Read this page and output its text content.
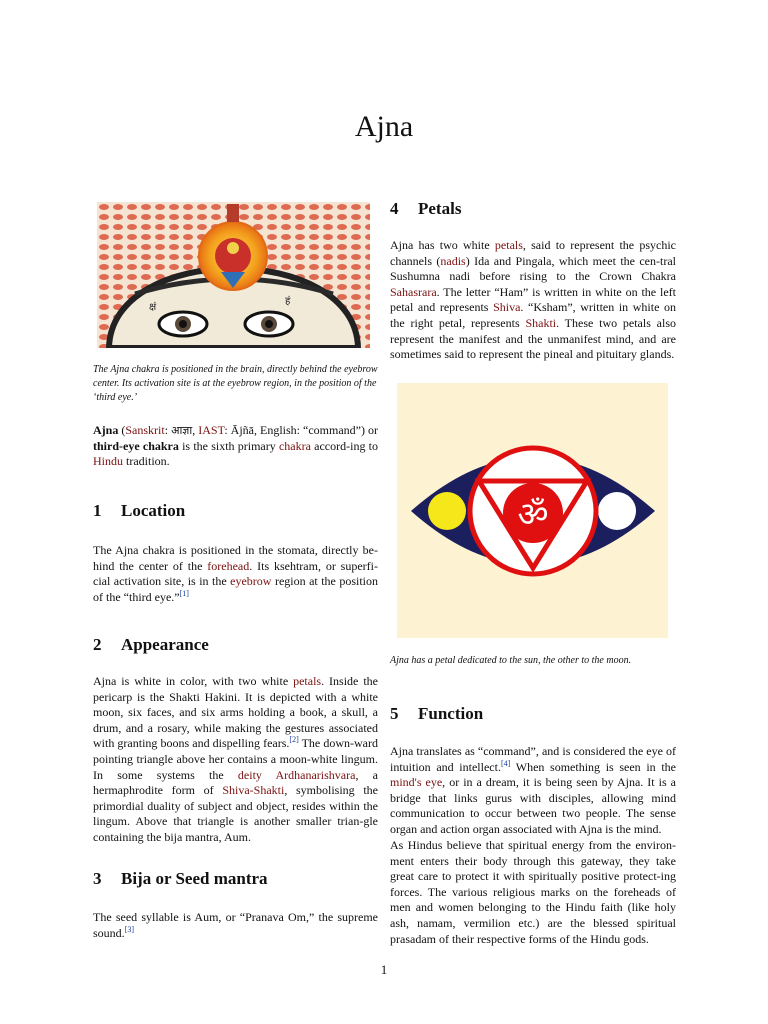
Ajna
क्षं
हं

The Ajna chakra is positioned in the brain, directly behind the eyebrow center. Its activation site is at the eyebrow region, in the position of the ‘third eye.’

Ajna (Sanskrit: आज्ञा, IAST: Ājñā, English: “command”) or third-eye chakra is the sixth primary chakra accord-ing to Hindu tradition.

1 Location

The Ajna chakra is positioned in the stomata, directly be-hind the center of the forehead. Its ksehtram, or superfi-cial activation site, is in the eyebrow region at the position of the “third eye.”[1]

2 Appearance

Ajna is white in color, with two white petals. Inside the pericarp is the Shakti Hakini. It is depicted with a white moon, six faces, and six arms holding a book, a skull, a drum, and a rosary, while making the gestures associated with granting boons and dispelling fears.[2] The down-ward pointing triangle above her contains a moon-white lingum. In some systems the deity Ardhanarishvara, a hermaphrodite form of Shiva-Shakti, symbolising the primordial duality of subject and object, resides within the lingum. Above that triangle is another smaller trian-gle containing the bija mantra, Aum.

3 Bija or Seed mantra

The seed syllable is Aum, or “Pranava Om,” the supreme sound.[3]

4 Petals

Ajna has two white petals, said to represent the psychic channels (nadis) Ida and Pingala, which meet the cen-tral Sushumna nadi before rising to the Crown Chakra Sahasrara. The letter “Ham” is written in white on the left petal and represents Shiva. “Ksham”, written in white on the right petal, represents Shakti. These two petals also represent the manifest and the unmanifest mind, and are sometimes said to represent the pineal and pituitary glands.

ॐ

Ajna has a petal dedicated to the sun, the other to the moon.

5 Function

Ajna translates as “command”, and is considered the eye of intuition and intellect.[4] When something is seen in the mind's eye, or in a dream, it is being seen by Ajna. It is a bridge that links gurus with disciples, allowing mind communication to occur between two people. The sense organ and action organ associated with Ajna is the mind.

As Hindus believe that spiritual energy from the environ-ment enters their body through this gateway, they take great care to protect it with spiritually positive protect-ing forces. The various religious marks on the foreheads of men and women belonging to the Hindu faith (like holy ash, namam, vermilion etc.) are the blessed spiritual prasadam of their respective forms of the Hindu gods.

1
